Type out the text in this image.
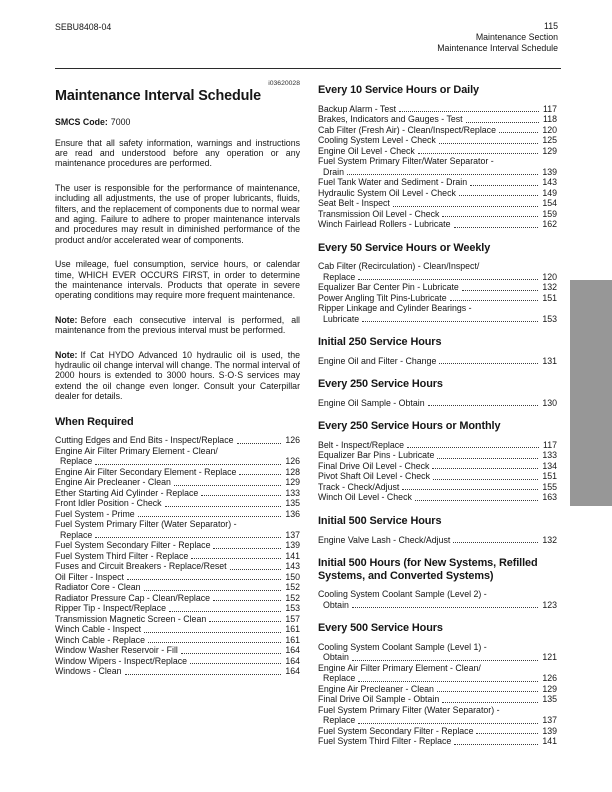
SEBU8408-04	115
Maintenance Section
Maintenance Interval Schedule
i03620028
Maintenance Interval Schedule
SMCS Code: 7000

Ensure that all safety information, warnings and instructions are read and understood before any operation or any maintenance procedures are performed.

The user is responsible for the performance of maintenance, including all adjustments, the use of proper lubricants, fluids, filters, and the replacement of components due to normal wear and aging. Failure to adhere to proper maintenance intervals and procedures may result in diminished performance of the product and/or accelerated wear of components.

Use mileage, fuel consumption, service hours, or calendar time, WHICH EVER OCCURS FIRST, in order to determine the maintenance intervals. Products that operate in severe operating conditions may require more frequent maintenance.

Note: Before each consecutive interval is performed, all maintenance from the previous interval must be performed.

Note: If Cat HYDO Advanced 10 hydraulic oil is used, the hydraulic oil change interval will change. The normal interval of 2000 hours is extended to 3000 hours. S·O·S services may extend the oil change even longer. Consult your Caterpillar dealer for details.

When Required
Cutting Edges and End Bits - Inspect/Replace	126
Engine Air Filter Primary Element - Clean/
Replace	126
Engine Air Filter Secondary Element - Replace	128
Engine Air Precleaner - Clean	129
Ether Starting Aid Cylinder - Replace	133
Front Idler Position - Check	135
Fuel System - Prime	136
Fuel System Primary Filter (Water Separator) -
Replace	137
Fuel System Secondary Filter - Replace	139
Fuel System Third Filter - Replace	141
Fuses and Circuit Breakers - Replace/Reset	143
Oil Filter - Inspect	150
Radiator Core - Clean	152
Radiator Pressure Cap - Clean/Replace	152
Ripper Tip - Inspect/Replace	153
Transmission Magnetic Screen - Clean	157
Winch Cable - Inspect	161
Winch Cable - Replace	161
Window Washer Reservoir - Fill	164
Window Wipers - Inspect/Replace	164
Windows - Clean	164
Every 10 Service Hours or Daily
Backup Alarm - Test	117
Brakes, Indicators and Gauges - Test	118
Cab Filter (Fresh Air) - Clean/Inspect/Replace	120
Cooling System Level - Check	125
Engine Oil Level - Check	129
Fuel System Primary Filter/Water Separator -
Drain	139
Fuel Tank Water and Sediment - Drain	143
Hydraulic System Oil Level - Check	149
Seat Belt - Inspect	154
Transmission Oil Level - Check	159
Winch Fairlead Rollers - Lubricate	162
Every 50 Service Hours or Weekly
Cab Filter (Recirculation) - Clean/Inspect/
Replace	120
Equalizer Bar Center Pin - Lubricate	132
Power Angling Tilt Pins-Lubricate	151
Ripper Linkage and Cylinder Bearings -
Lubricate	153
Initial 250 Service Hours
Engine Oil and Filter - Change	131
Every 250 Service Hours
Engine Oil Sample - Obtain	130
Every 250 Service Hours or Monthly
Belt - Inspect/Replace	117
Equalizer Bar Pins - Lubricate	133
Final Drive Oil Level - Check	134
Pivot Shaft Oil Level - Check	151
Track - Check/Adjust	155
Winch Oil Level - Check	163
Initial 500 Service Hours
Engine Valve Lash - Check/Adjust	132
Initial 500 Hours (for New Systems, Refilled Systems, and Converted Systems)
Cooling System Coolant Sample (Level 2) -
Obtain	123
Every 500 Service Hours
Cooling System Coolant Sample (Level 1) -
Obtain	121
Engine Air Filter Primary Element - Clean/
Replace	126
Engine Air Precleaner - Clean	129
Final Drive Oil Sample - Obtain	135
Fuel System Primary Filter (Water Separator) -
Replace	137
Fuel System Secondary Filter - Replace	139
Fuel System Third Filter - Replace	141
